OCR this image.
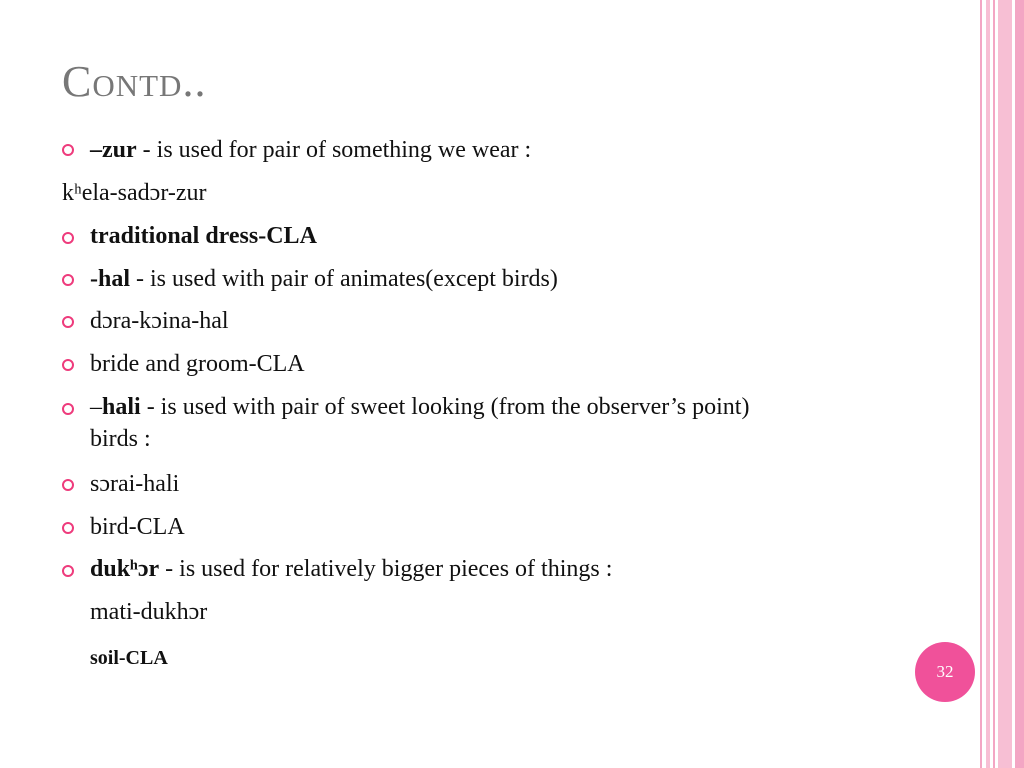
Contd..
–zur - is used for pair of something we wear :
kʰela-sadɔr-zur
traditional dress-CLA
-hal - is used with pair of animates(except birds)
dɔra-kɔina-hal
bride and groom-CLA
–hali - is used with pair of sweet looking (from the observer’s point) birds :
sɔrai-hali
bird-CLA
dukʰɔr - is used for relatively bigger pieces of things :
mati-dukhɔr
soil-CLA
32
